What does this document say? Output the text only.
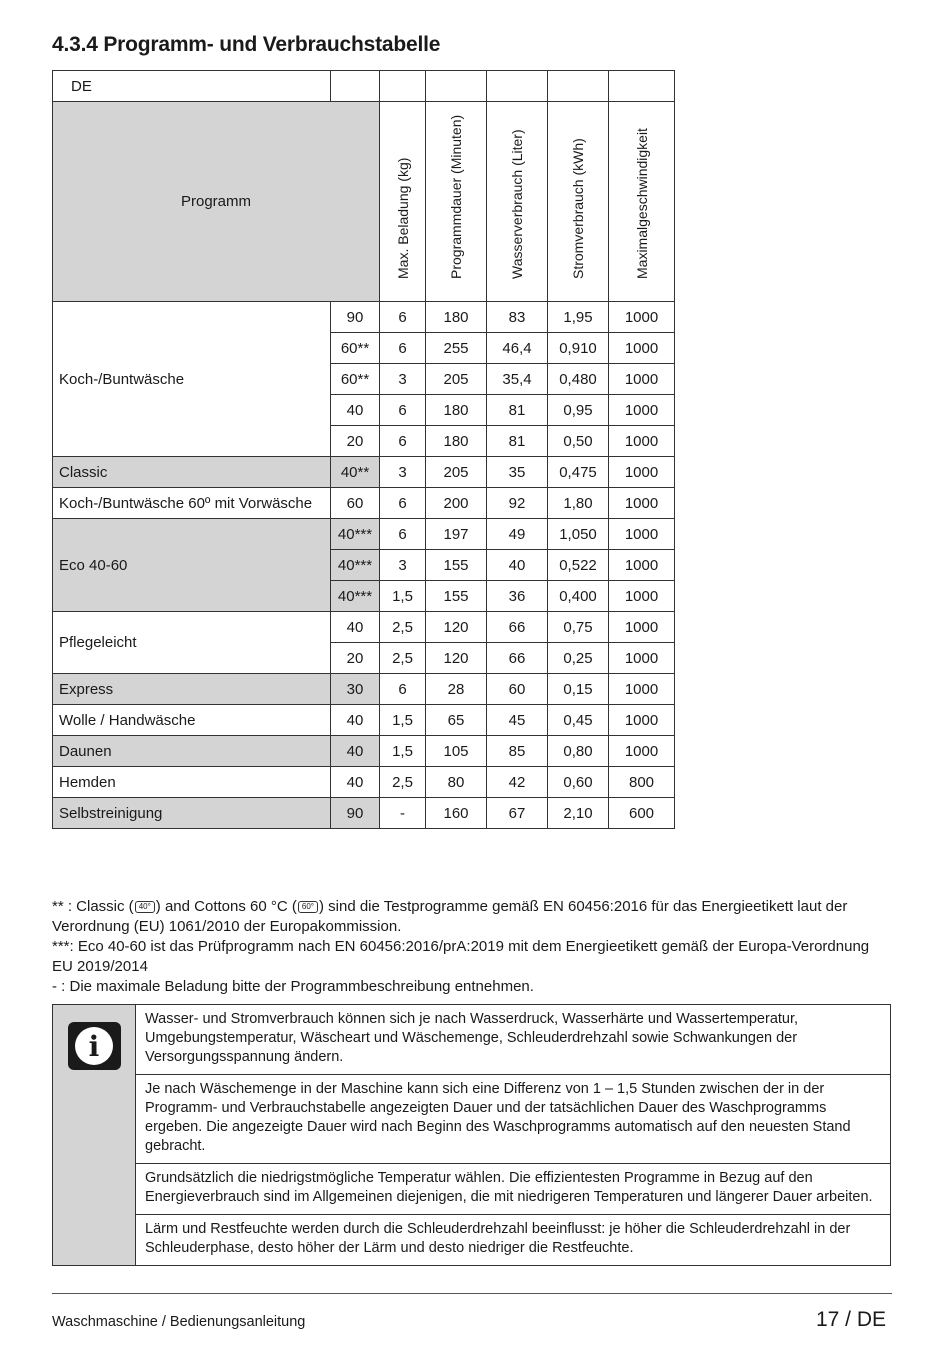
4.3.4 Programm- und Verbrauchstabelle
DE						
Programm		Max. Beladung (kg)	Programmdauer (Minuten)	Wasserverbrauch (Liter)	Stromverbrauch (kWh)	Maximalgeschwindigkeit

Koch-/Buntwäsche	90	6	180	83	1,95	1000
	60**	6	255	46,4	0,910	1000
	60**	3	205	35,4	0,480	1000
	40	6	180	81	0,95	1000
	20	6	180	81	0,50	1000
Classic	40**	3	205	35	0,475	1000
Koch-/Buntwäsche 60º mit Vorwäsche	60	6	200	92	1,80	1000
Eco 40-60	40***	6	197	49	1,050	1000
	40***	3	155	40	0,522	1000
	40***	1,5	155	36	0,400	1000
Pflegeleicht	40	2,5	120	66	0,75	1000
	20	2,5	120	66	0,25	1000
Express	30	6	28	60	0,15	1000
Wolle / Handwäsche	40	1,5	65	45	0,45	1000
Daunen	40	1,5	105	85	0,80	1000
Hemden	40	2,5	80	42	0,60	800
Selbstreinigung	90	-	160	67	2,10	600

** : Classic ( 40° ) and Cottons 60 °C ( 60° ) sind die Testprogramme gemäß EN 60456:2016 für das Energieetikett laut der Verordnung (EU) 1061/2010 der Europakommission.

***: Eco 40-60 ist das Prüfprogramm nach EN 60456:2016/prA:2019 mit dem Energieetikett gemäß der Europa-Verordnung EU 2019/2014

- : Die maximale Beladung bitte der Programmbeschreibung entnehmen.

i
	Wasser- und Stromverbrauch können sich je nach Wasserdruck, Wasserhärte und Wassertemperatur, Umgebungstemperatur, Wäscheart und Wäschemenge, Schleuderdrehzahl sowie Schwankungen der Versorgungsspannung ändern.
Je nach Wäschemenge in der Maschine kann sich eine Differenz von 1 – 1,5 Stunden zwischen der in der Programm- und Verbrauchstabelle angezeigten Dauer und der tatsächlichen Dauer des Waschprogramms ergeben. Die angezeigte Dauer wird nach Beginn des Waschprogramms automatisch auf den neuesten Stand gebracht.
Grundsätzlich die niedrigstmögliche Temperatur wählen. Die effizientesten Programme in Bezug auf den Energieverbrauch sind im Allgemeinen diejenigen, die mit niedrigeren Temperaturen und längerer Dauer arbeiten.
Lärm und Restfeuchte werden durch die Schleuderdrehzahl beeinflusst: je höher die Schleuderdrehzahl in der Schleuderphase, desto höher der Lärm und desto niedriger die Restfeuchte.
Waschmaschine / Bedienungsanleitung	17 / DE
